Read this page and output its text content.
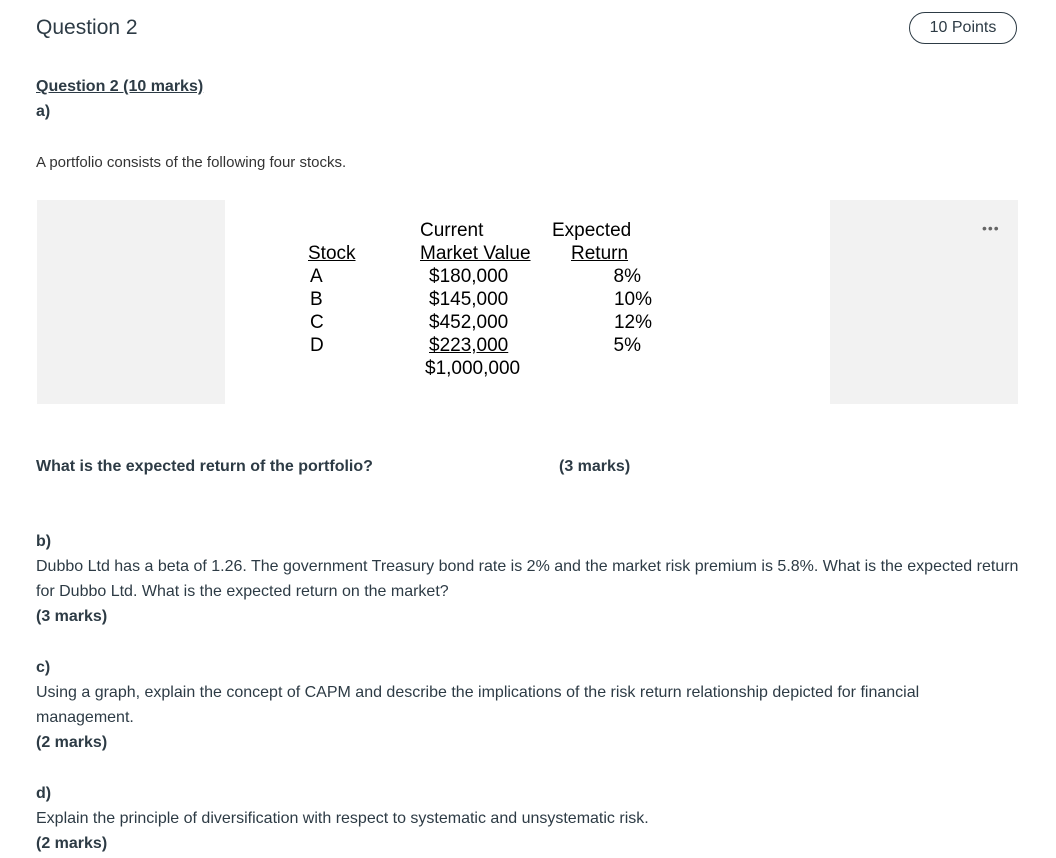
Question 2	10 Points
Question 2 (10 marks)
a)
A portfolio consists of the following four stocks.
•••
Stock
A
B
C
D
Current
Market Value
$180,000
$145,000
$452,000
$223,000
$1,000,000
Expected
Return
8%
10%
12%
5%
What is the expected return of the portfolio?	(3 marks)
b)
Dubbo Ltd has a beta of 1.26. The government Treasury bond rate is 2% and the market risk premium is 5.8%. What is the expected return for Dubbo Ltd. What is the expected return on the market?
(3 marks)
c)
Using a graph, explain the concept of CAPM and describe the implications of the risk return relationship depicted for financial management.
(2 marks)
d)
Explain the principle of diversification with respect to systematic and unsystematic risk.
(2 marks)
